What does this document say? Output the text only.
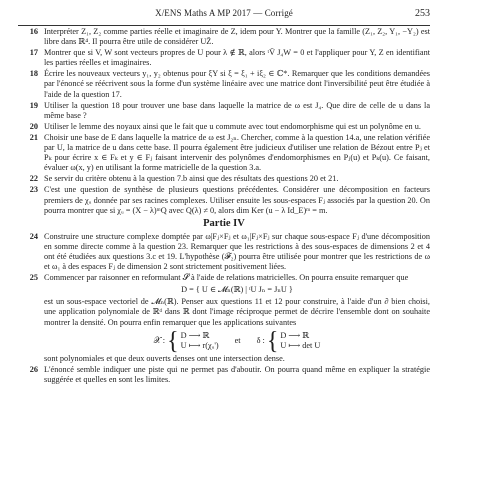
X/ENS Maths A MP 2017 — Corrigé	253
16 Interpréter Z₁, Z₂ comme parties réelle et imaginaire de Z, idem pour Y. Montrer que la famille (Z₁, Z₂, Y₁, −Y₂) est libre dans ℝ⁴. Il pourra être utile de considérer UZ̄.

17 Montrer que si V, W sont vecteurs propres de U pour λ ∉ ℝ, alors ᵗV̄ J₄W = 0 et l'appliquer pour Y, Z en identifiant les parties réelles et imaginaires.

18 Écrire les nouveaux vecteurs y₁, y₂ obtenus pour ξY si ξ = ξ₁ + iξ₂ ∈ ℂ*. Remarquer que les conditions demandées par l'énoncé se réécrivent sous la forme d'un système linéaire avec une matrice dont l'inversibilité peut être étudiée à l'aide de la question 17.

19 Utiliser la question 18 pour trouver une base dans laquelle la matrice de ω est J₄. Que dire de celle de u dans la même base ?

20 Utiliser le lemme des noyaux ainsi que le fait que u commute avec tout endomorphisme qui est un polynôme en u.

21 Choisir une base de E dans laquelle la matrice de ω est J₂ₙ. Chercher, comme à la question 14.a, une relation vérifiée par U, la matrice de u dans cette base. Il pourra également être judicieux d'utiliser une relation de Bézout entre Pⱼ et Pₖ pour écrire x ∈ Fₖ et y ∈ Fⱼ faisant intervenir des polynômes d'endomorphismes en Pⱼ(u) et Pₖ(u). Ce faisant, évaluer ω(x, y) en utilisant la forme matricielle de la question 3.a.

22 Se servir du critère obtenu à la question 7.b ainsi que des résultats des questions 20 et 21.

23 C'est une question de synthèse de plusieurs questions précédentes. Considérer une décomposition en facteurs premiers de χᵤ donnée par ses racines complexes. Utiliser ensuite les sous-espaces Fⱼ associés par la question 20. On pourra montrer que si χᵤ = (X − λ)ᵐQ avec Q(λ) ≠ 0, alors dim Ker (u − λ Id_E)ᵐ = m.

Partie IV
24 Construire une structure complexe domptée par ω|Fⱼ×Fⱼ et ω₁|Fⱼ×Fⱼ sur chaque sous-espace Fⱼ d'une décomposition en somme directe comme à la question 23. Remarquer que les restrictions à des sous-espaces de dimensions 2 et 4 ont été étudiées aux questions 3.c et 19. L'hypothèse (𝓕₂) pourra être utilisée pour montrer que les restrictions de ω et ω₁ à des espaces Fⱼ de dimension 2 sont strictement positivement liées.

25 Commencer par raisonner en reformulant 𝓢 à l'aide de relations matricielles. On pourra ensuite remarquer que

D = { U ∈ 𝓜ₙ(ℝ) | ᵗU Jₙ = JₙU }

est un sous-espace vectoriel de 𝓜ₙ(ℝ). Penser aux questions 11 et 12 pour construire, à l'aide d'un ∂ bien choisi, une application polynomiale de ℝᵈ dans ℝ dont l'image réciproque permet de décrire l'ensemble dont on souhaite montrer la densité. On pourra enfin remarquer que les applications suivantes

𝒳 : { D ⟶ ℝ
U ⟼ r(χᵤ')
et δ : { D ⟶ ℝ
U ⟼ det U

sont polynomiales et que deux ouverts denses ont une intersection dense.

26 L'énoncé semble indiquer une piste qui ne permet pas d'aboutir. On pourra quand même en expliquer la stratégie suggérée et quelles en sont les limites.
